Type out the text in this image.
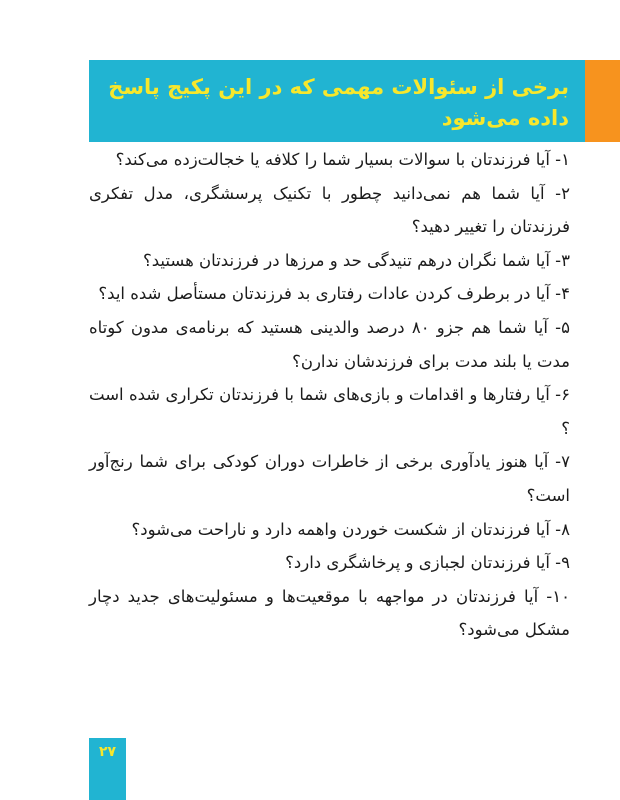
برخی از سئوالات مهمی که در این پکیج پاسخ داده می‌شود

۱- آیا فرزندتان با سوالات بسیار شما را کلافه یا خجالت‌زده می‌کند؟

۲- آیا شما هم نمی‌دانید چطور با تکنیک پرسشگری، مدل تفکری فرزندتان را تغییر دهید؟

۳- آیا شما نگران درهم تنیدگی حد و مرزها در فرزندتان هستید؟

۴- آیا در برطرف کردن عادات رفتاری بد فرزندتان مستأصل شده اید؟

۵- آیا شما هم جزو ۸۰ درصد والدینی هستید که برنامه‌ی مدون کوتاه مدت یا بلند مدت برای فرزندشان ندارن؟

۶- آیا رفتارها و اقدامات و بازی‌های شما با فرزندتان تکراری شده است ؟

۷- آیا هنوز یادآوری برخی از خاطرات دوران کودکی برای شما رنج‌آور است؟

۸- آیا فرزندتان از شکست خوردن واهمه دارد و ناراحت می‌شود؟

۹- آیا فرزندتان لجبازی و پرخاشگری دارد؟

۱۰- آیا فرزندتان در مواجهه با موقعیت‌ها و مسئولیت‌های جدید دچار مشکل می‌شود؟

۲۷
